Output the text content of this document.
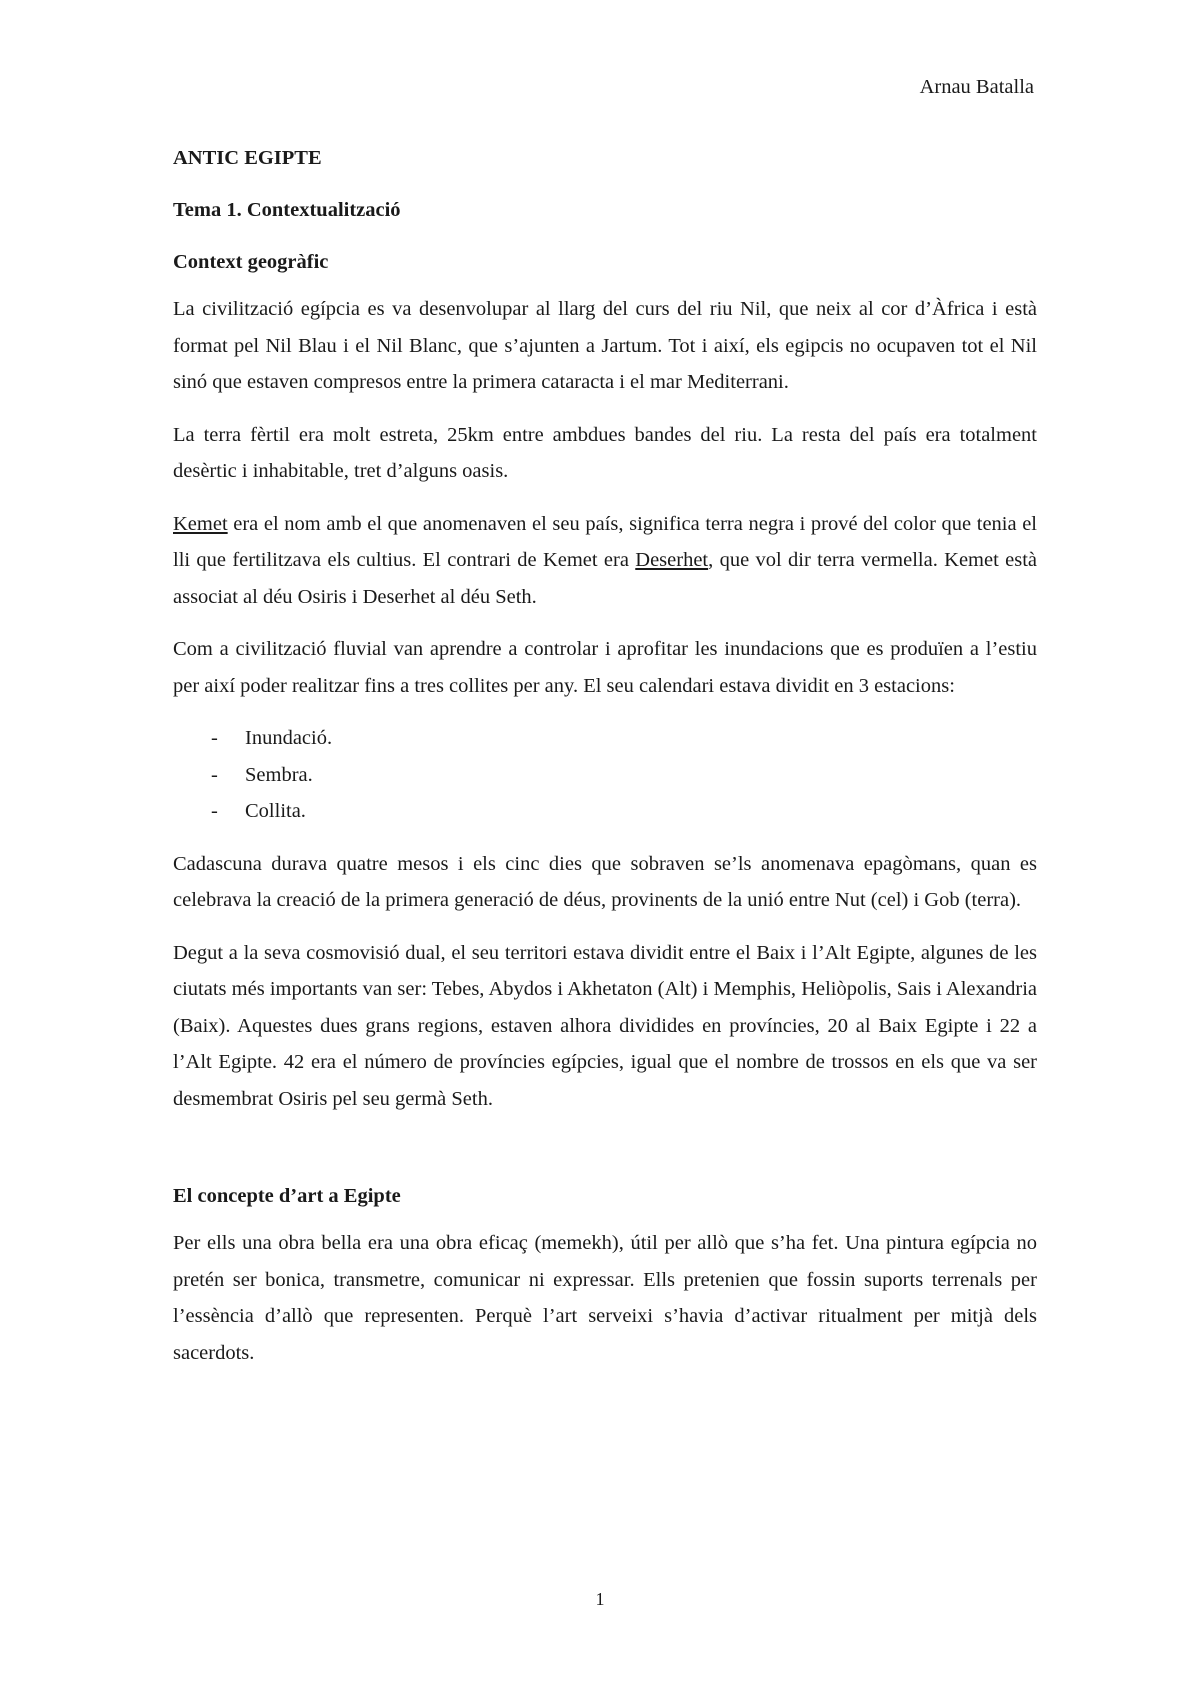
Arnau Batalla
ANTIC EGIPTE
Tema 1. Contextualització
Context geogràfic

La civilització egípcia es va desenvolupar al llarg del curs del riu Nil, que neix al cor d’Àfrica i està format pel Nil Blau i el Nil Blanc, que s’ajunten a Jartum. Tot i així, els egipcis no ocupaven tot el Nil sinó que estaven compresos entre la primera cataracta i el mar Mediterrani.

La terra fèrtil era molt estreta, 25km entre ambdues bandes del riu. La resta del país era totalment desèrtic i inhabitable, tret d’alguns oasis.

Kemet era el nom amb el que anomenaven el seu país, significa terra negra i prové del color que tenia el lli que fertilitzava els cultius. El contrari de Kemet era Deserhet, que vol dir terra vermella. Kemet està associat al déu Osiris i Deserhet al déu Seth.

Com a civilització fluvial van aprendre a controlar i aprofitar les inundacions que es produïen a l’estiu per així poder realitzar fins a tres collites per any. El seu calendari estava dividit en 3 estacions:

- Inundació.
- Sembra.
- Collita.

Cadascuna durava quatre mesos i els cinc dies que sobraven se’ls anomenava epagòmans, quan es celebrava la creació de la primera generació de déus, provinents de la unió entre Nut (cel) i Gob (terra).

Degut a la seva cosmovisió dual, el seu territori estava dividit entre el Baix i l’Alt Egipte, algunes de les ciutats més importants van ser: Tebes, Abydos i Akhetaton (Alt) i Memphis, Heliòpolis, Sais i Alexandria (Baix). Aquestes dues grans regions, estaven alhora dividides en províncies, 20 al Baix Egipte i 22 a l’Alt Egipte. 42 era el número de províncies egípcies, igual que el nombre de trossos en els que va ser desmembrat Osiris pel seu germà Seth.

El concepte d’art a Egipte

Per ells una obra bella era una obra eficaç (memekh), útil per allò que s’ha fet. Una pintura egípcia no pretén ser bonica, transmetre, comunicar ni expressar. Ells pretenien que fossin suports terrenals per l’essència d’allò que representen. Perquè l’art serveixi s’havia d’activar ritualment per mitjà dels sacerdots.

1
